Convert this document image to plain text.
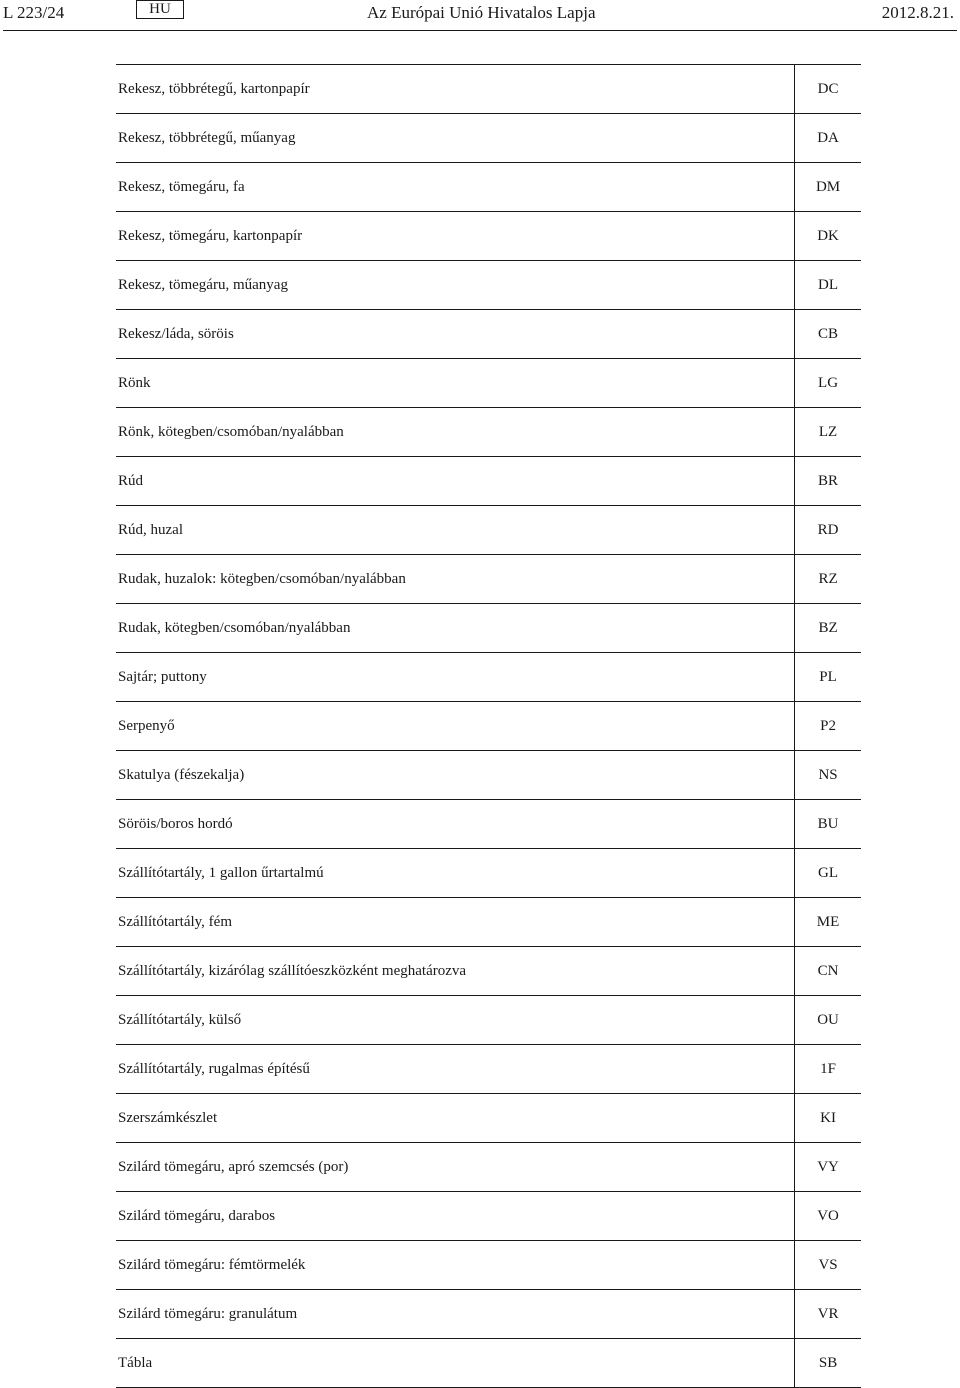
L 223/24	HU	Az Európai Unió Hivatalos Lapja	2012.8.21.
Rekesz, többrétegű, kartonpapír	DC
Rekesz, többrétegű, műanyag	DA
Rekesz, tömegáru, fa	DM
Rekesz, tömegáru, kartonpapír	DK
Rekesz, tömegáru, műanyag	DL
Rekesz/láda, söröis	CB
Rönk	LG
Rönk, kötegben/csomóban/nyalábban	LZ
Rúd	BR
Rúd, huzal	RD
Rudak, huzalok: kötegben/csomóban/nyalábban	RZ
Rudak, kötegben/csomóban/nyalábban	BZ
Sajtár; puttony	PL
Serpenyő	P2
Skatulya (fészekalja)	NS
Söröis/boros hordó	BU
Szállítótartály, 1 gallon űrtartalmú	GL
Szállítótartály, fém	ME
Szállítótartály, kizárólag szállítóeszközként meghatározva	CN
Szállítótartály, külső	OU
Szállítótartály, rugalmas építésű	1F
Szerszámkészlet	KI
Szilárd tömegáru, apró szemcsés (por)	VY
Szilárd tömegáru, darabos	VO
Szilárd tömegáru: fémtörmelék	VS
Szilárd tömegáru: granulátum	VR
Tábla	SB
